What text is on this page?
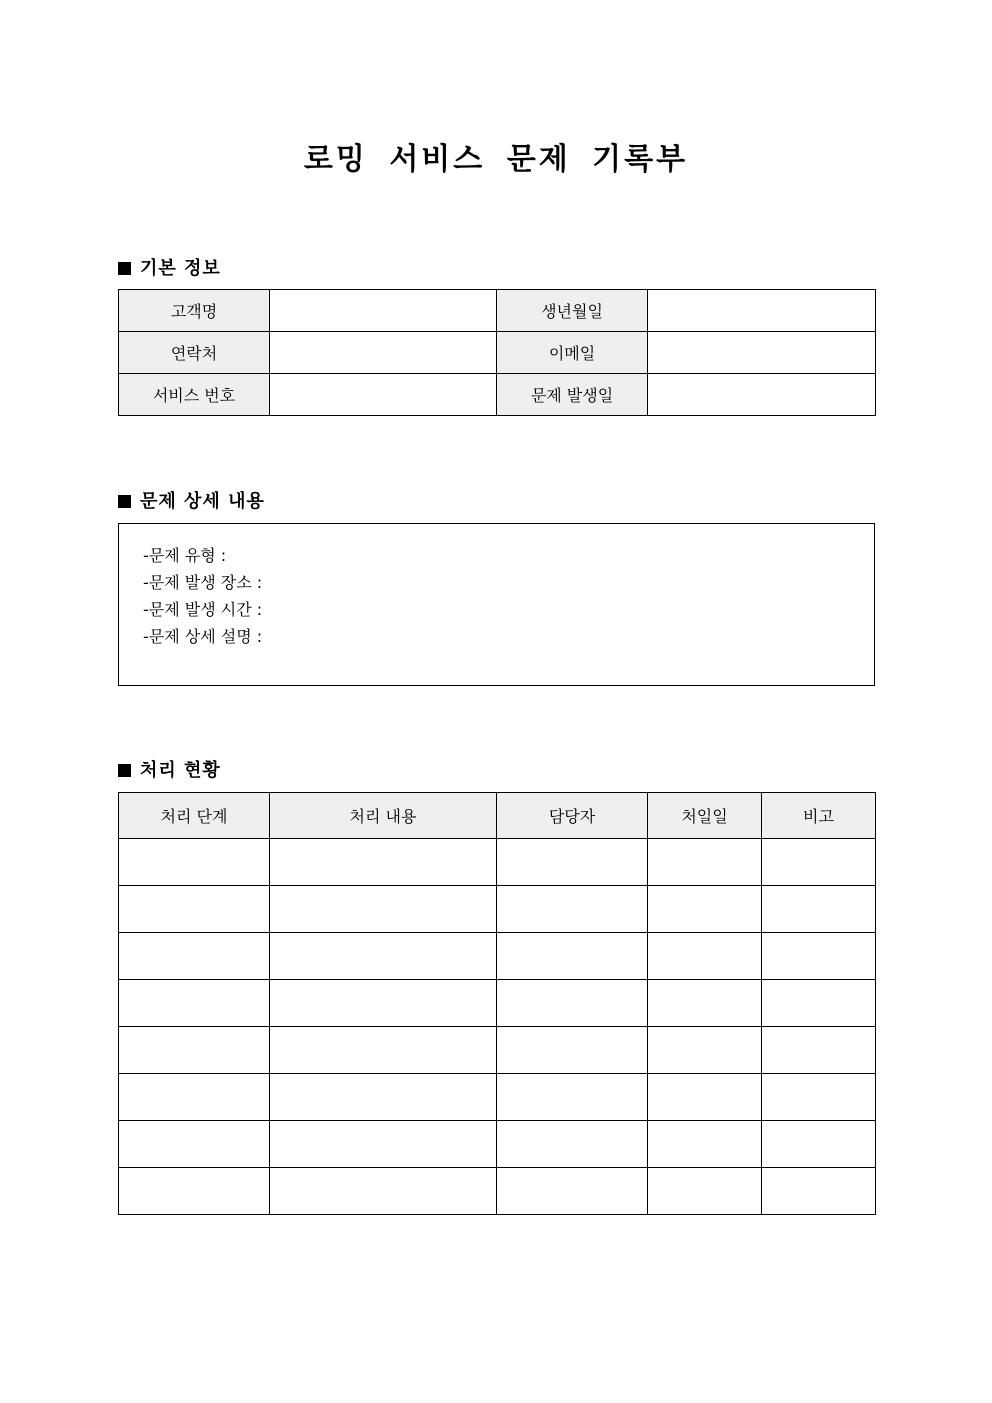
로밍 서비스 문제 기록부
기본 정보
고객명		생년월일	
연락처		이메일	
서비스 번호		문제 발생일	
문제 상세 내용
-문제 유형 :
-문제 발생 장소 :
-문제 발생 시간 :
-문제 상세 설명 :
처리 현황
처리 단계	처리 내용	담당자	처일일	비고
